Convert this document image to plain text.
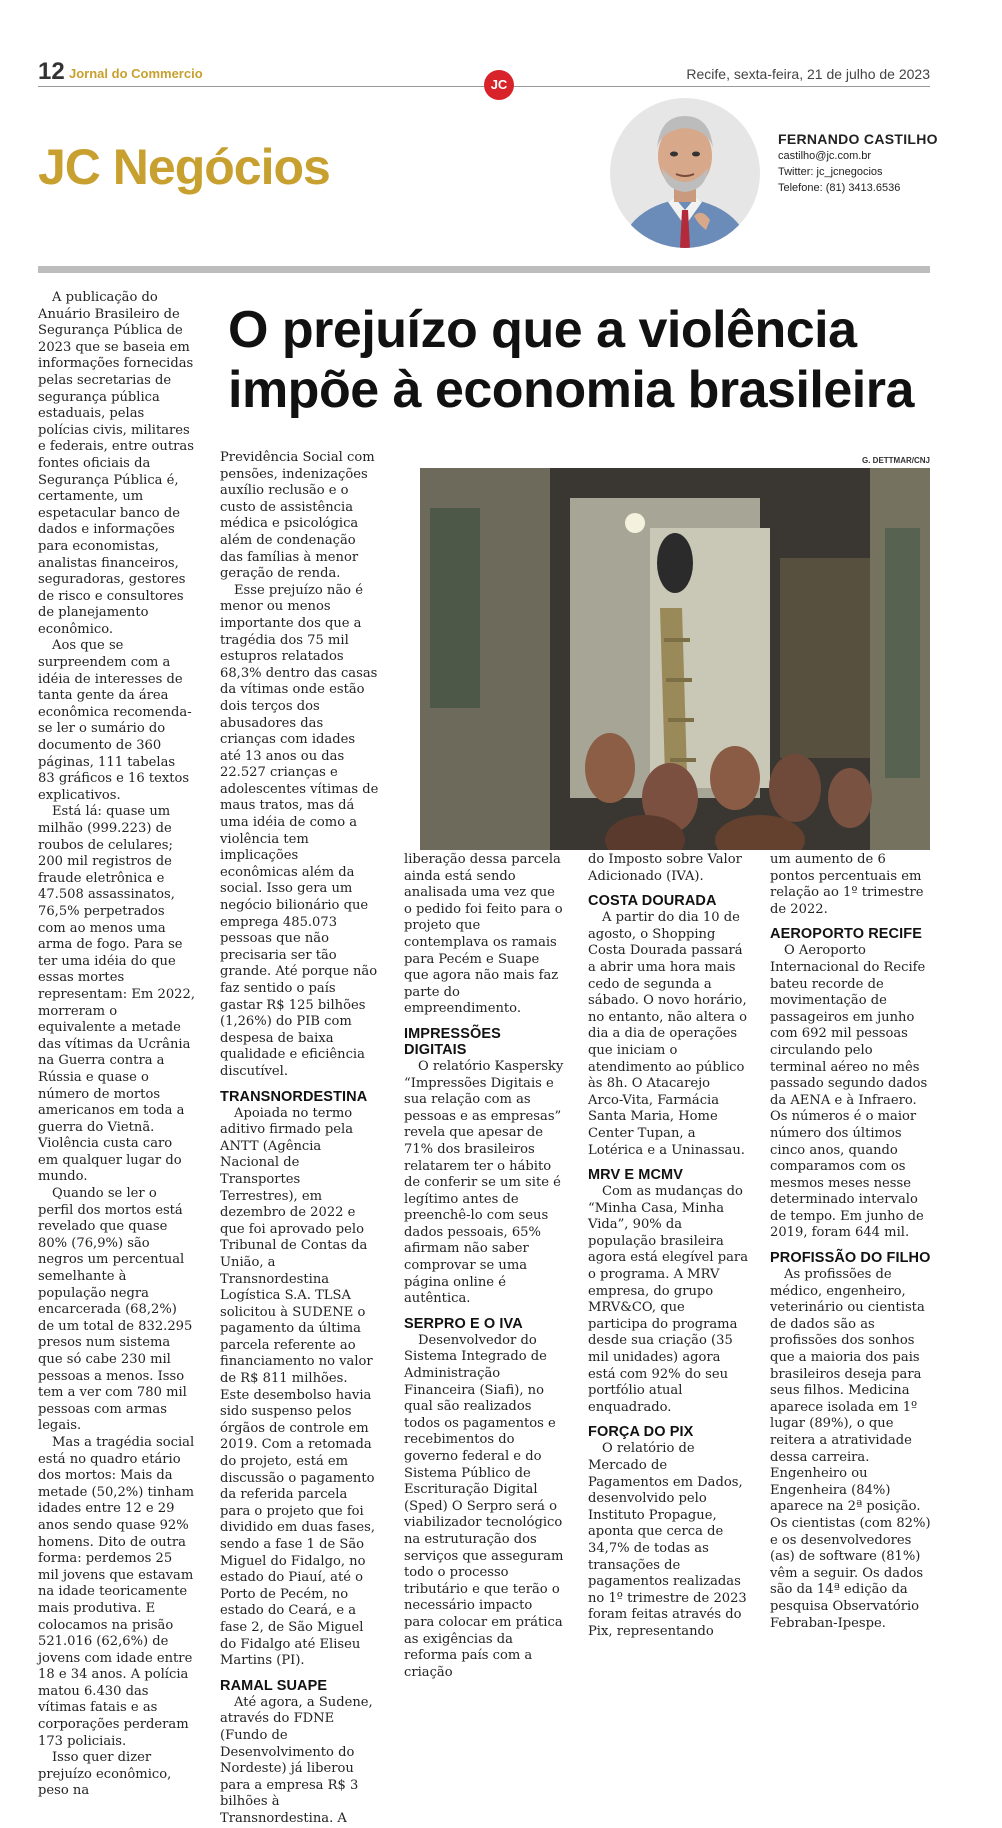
12 Jornal do Commercio	Recife, sexta-feira, 21 de julho de 2023
JC
JC Negócios	FERNANDO CASTILHO
castilho@jc.com.br
Twitter: jc_jcnegocios
Telefone: (81) 3413.6536
O prejuízo que a violência impõe à economia brasileira
G. DETTMAR/CNJ

A publicação do Anuário Brasileiro de Segurança Pública de 2023 que se baseia em informações fornecidas pelas secretarias de segurança pública estaduais, pelas polícias civis, militares e federais, entre outras fontes oficiais da Segurança Pública é, certamente, um espetacular banco de dados e informações para economistas, analistas financeiros, seguradoras, gestores de risco e consultores de planejamento econômico.

Aos que se surpreendem com a idéia de interesses de tanta gente da área econômica recomenda-se ler o sumário do documento de 360 páginas, 111 tabelas 83 gráficos e 16 textos explicativos.

Está lá: quase um milhão (999.223) de roubos de celulares; 200 mil registros de fraude eletrônica e 47.508 assassinatos, 76,5% perpetrados com ao menos uma arma de fogo. Para se ter uma idéia do que essas mortes representam: Em 2022, morreram o equivalente a metade das vítimas da Ucrânia na Guerra contra a Rússia e quase o número de mortos americanos em toda a guerra do Vietnã. Violência custa caro em qualquer lugar do mundo.

Quando se ler o perfil dos mortos está revelado que quase 80% (76,9%) são negros um percentual semelhante à população negra encarcerada (68,2%) de um total de 832.295 presos num sistema que só cabe 230 mil pessoas a menos. Isso tem a ver com 780 mil pessoas com armas legais.

Mas a tragédia social está no quadro etário dos mortos: Mais da metade (50,2%) tinham idades entre 12 e 29 anos sendo quase 92% homens. Dito de outra forma: perdemos 25 mil jovens que estavam na idade teoricamente mais produtiva. E colocamos na prisão 521.016 (62,6%) de jovens com idade entre 18 e 34 anos. A polícia matou 6.430 das vítimas fatais e as corporações perderam 173 policiais.

Isso quer dizer prejuízo econômico, peso na

Previdência Social com pensões, indenizações auxílio reclusão e o custo de assistência médica e psicológica além de condenação das famílias à menor geração de renda.

Esse prejuízo não é menor ou menos importante dos que a tragédia dos 75 mil estupros relatados 68,3% dentro das casas da vítimas onde estão dois terços dos abusadores das crianças com idades até 13 anos ou das 22.527 crianças e adolescentes vítimas de maus tratos, mas dá uma idéia de como a violência tem implicações econômicas além da social. Isso gera um negócio bilionário que emprega 485.073 pessoas que não precisaria ser tão grande. Até porque não faz sentido o país gastar R$ 125 bilhões (1,26%) do PIB com despesa de baixa qualidade e eficiência discutível.

TRANSNORDESTINA

Apoiada no termo aditivo firmado pela ANTT (Agência Nacional de Transportes Terrestres), em dezembro de 2022 e que foi aprovado pelo Tribunal de Contas da União, a Transnordestina Logística S.A. TLSA solicitou à SUDENE o pagamento da última parcela referente ao financiamento no valor de R$ 811 milhões. Este desembolso havia sido suspenso pelos órgãos de controle em 2019. Com a retomada do projeto, está em discussão o pagamento da referida parcela para o projeto que foi dividido em duas fases, sendo a fase 1 de São Miguel do Fidalgo, no estado do Piauí, até o Porto de Pecém, no estado do Ceará, e a fase 2, de São Miguel do Fidalgo até Eliseu Martins (PI).

RAMAL SUAPE

Até agora, a Sudene, através do FDNE (Fundo de Desenvolvimento do Nordeste) já liberou para a empresa R$ 3 bilhões à Transnordestina. A

liberação dessa parcela ainda está sendo analisada uma vez que o pedido foi feito para o projeto que contemplava os ramais para Pecém e Suape que agora não mais faz parte do empreendimento.

IMPRESSÕES DIGITAIS

O relatório Kaspersky “Impressões Digitais e sua relação com as pessoas e as empresas” revela que apesar de 71% dos brasileiros relatarem ter o hábito de conferir se um site é legítimo antes de preenchê-lo com seus dados pessoais, 65% afirmam não saber comprovar se uma página online é autêntica.

SERPRO E O IVA

Desenvolvedor do Sistema Integrado de Administração Financeira (Siafi), no qual são realizados todos os pagamentos e recebimentos do governo federal e do Sistema Público de Escrituração Digital (Sped) O Serpro será o viabilizador tecnológico na estruturação dos serviços que asseguram todo o processo tributário e que terão o necessário impacto para colocar em prática as exigências da reforma país com a criação

do Imposto sobre Valor Adicionado (IVA).

COSTA DOURADA

A partir do dia 10 de agosto, o Shopping Costa Dourada passará a abrir uma hora mais cedo de segunda a sábado. O novo horário, no entanto, não altera o dia a dia de operações que iniciam o atendimento ao público às 8h. O Atacarejo Arco-Vita, Farmácia Santa Maria, Home Center Tupan, a Lotérica e a Uninassau.

MRV E MCMV

Com as mudanças do “Minha Casa, Minha Vida”, 90% da população brasileira agora está elegível para o programa. A MRV empresa, do grupo MRV&CO, que participa do programa desde sua criação (35 mil unidades) agora está com 92% do seu portfólio atual enquadrado.

FORÇA DO PIX

O relatório de Mercado de Pagamentos em Dados, desenvolvido pelo Instituto Propague, aponta que cerca de 34,7% de todas as transações de pagamentos realizadas no 1º trimestre de 2023 foram feitas através do Pix, representando

um aumento de 6 pontos percentuais em relação ao 1º trimestre de 2022.

AEROPORTO RECIFE

O Aeroporto Internacional do Recife bateu recorde de movimentação de passageiros em junho com 692 mil pessoas circulando pelo terminal aéreo no mês passado segundo dados da AENA e à Infraero. Os números é o maior número dos últimos cinco anos, quando comparamos com os mesmos meses nesse determinado intervalo de tempo. Em junho de 2019, foram 644 mil.

PROFISSÃO DO FILHO

As profissões de médico, engenheiro, veterinário ou cientista de dados são as profissões dos sonhos que a maioria dos pais brasileiros deseja para seus filhos. Medicina aparece isolada em 1º lugar (89%), o que reitera a atratividade dessa carreira. Engenheiro ou Engenheira (84%) aparece na 2ª posição. Os cientistas (com 82%) e os desenvolvedores (as) de software (81%) vêm a seguir. Os dados são da 14ª edição da pesquisa Observatório Febraban-Ipespe.
